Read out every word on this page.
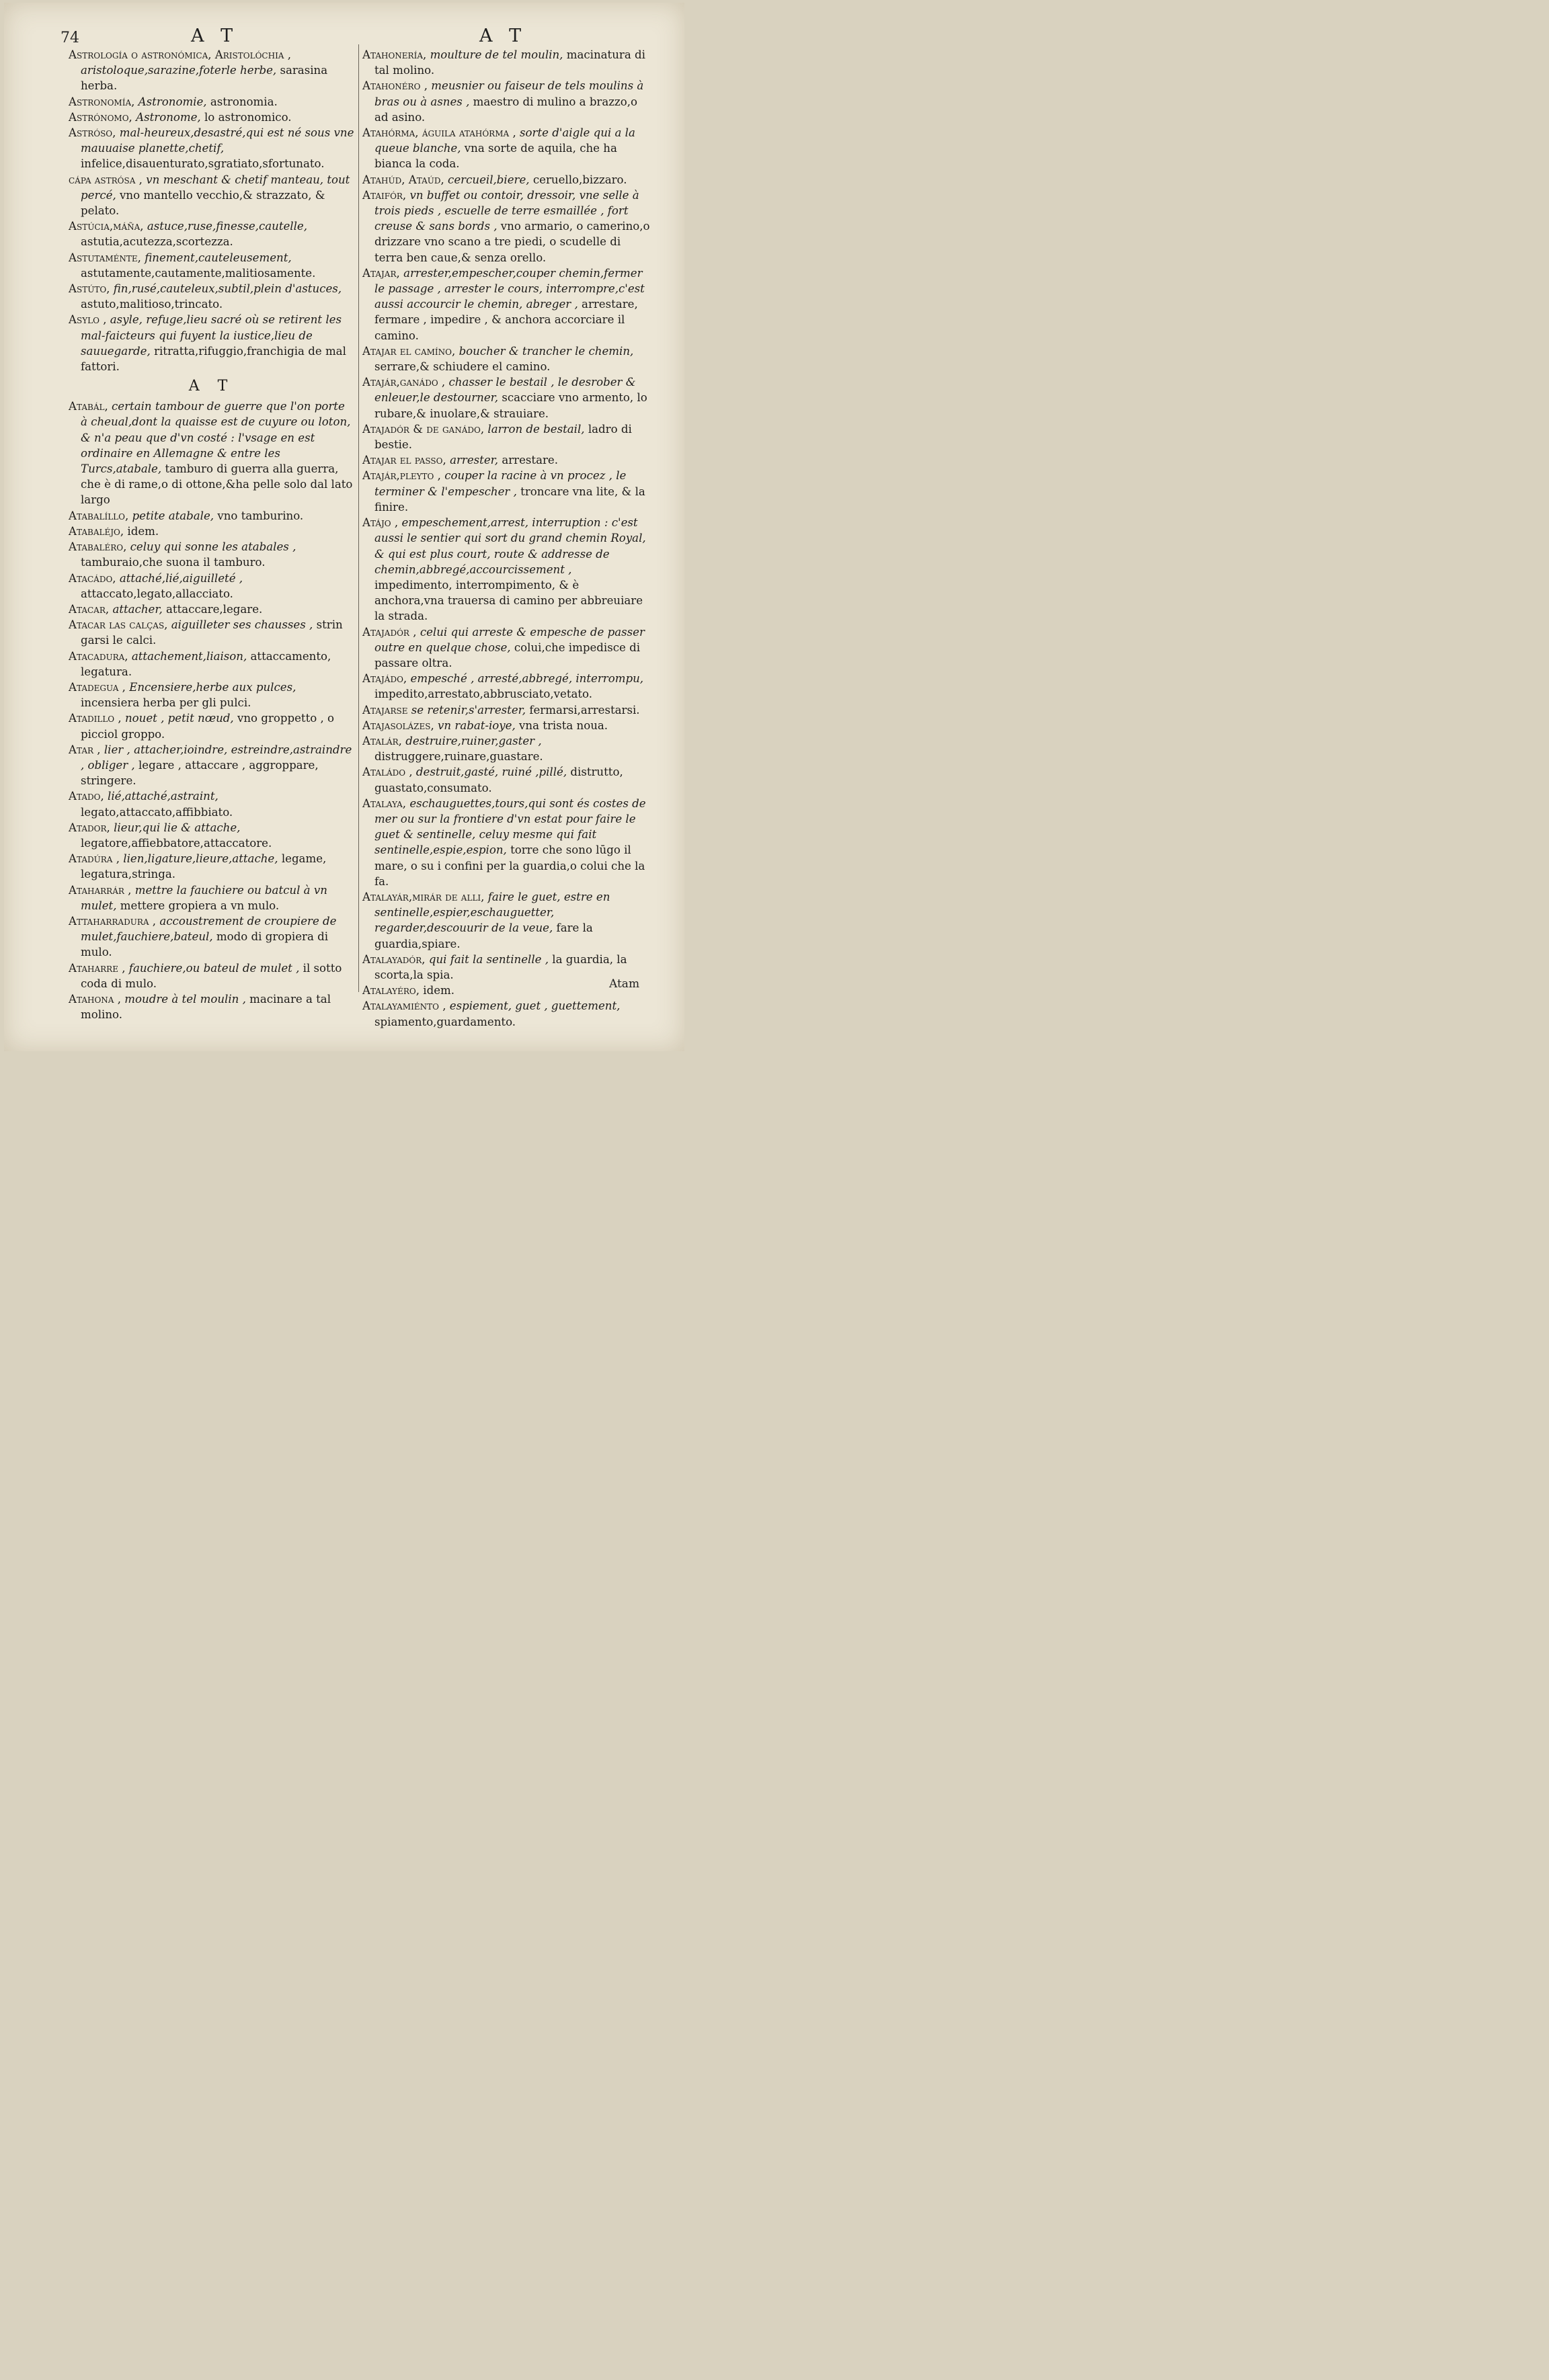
74	A T	A T

Astrología o astronómica, Aristolóchia , aristoloque,sarazine,foterle herbe, sarasina herba.

Astronomía, Astronomie, astronomia.

Astrónomo, Astronome, lo astronomico.

Astróso, mal-heureux,desastré,qui est né sous vne mauuaise planette,chetif, infelice,disauenturato,sgratiato,sfortunato.

cápa astrósa , vn meschant & chetif manteau, tout percé, vno mantello vecchio,& strazzato, & pelato.

Astúcia,máña, astuce,ruse,finesse,cautelle, astutia,acutezza,scortezza.

Astutaménte, finement,cauteleusement, astutamente,cautamente,malitiosamente.

Astúto, fin,rusé,cauteleux,subtil,plein d'astuces, astuto,malitioso,trincato.

Asylo , asyle, refuge,lieu sacré où se retirent les mal-faicteurs qui fuyent la iustice,lieu de sauuegarde, ritratta,rifuggio,franchigia de mal fattori.

A T

Atabál, certain tambour de guerre que l'on porte à cheual,dont la quaisse est de cuyure ou loton, & n'a peau que d'vn costé : l'vsage en est ordinaire en Allemagne & entre les Turcs,atabale, tamburo di guerra alla guerra, che è di rame,o di ottone,&ha pelle solo dal lato largo

Atabalíllo, petite atabale, vno tamburino.

Atabaléjo, idem.

Atabaléro, celuy qui sonne les atabales , tamburaio,che suona il tamburo.

Atacádo, attaché,lié,aiguilleté , attaccato,legato,allacciato.

Atacar, attacher, attaccare,legare.

Atacar las calças, aiguilleter ses chausses , strin garsi le calci.

Atacadura, attachement,liaison, attaccamento, legatura.

Atadegua , Encensiere,herbe aux pulces, incensiera herba per gli pulci.

Atadillo , nouet , petit nœud, vno groppetto , o picciol groppo.

Atar , lier , attacher,ioindre, estreindre,astraindre , obliger , legare , attaccare , aggroppare, stringere.

Atado, lié,attaché,astraint, legato,attaccato,affibbiato.

Atador, lieur,qui lie & attache, legatore,affiebbatore,attaccatore.

Atadúra , lien,ligature,lieure,attache, legame, legatura,stringa.

Ataharrár , mettre la fauchiere ou batcul à vn mulet, mettere gropiera a vn mulo.

Attaharradura , accoustrement de croupiere de mulet,fauchiere,bateul, modo di gropiera di mulo.

Ataharre , fauchiere,ou bateul de mulet , il sotto coda di mulo.

Atahona , moudre à tel moulin , macinare a tal molino.

Atahonería, moulture de tel moulin, macinatura di tal molino.

Atahonéro , meusnier ou faiseur de tels moulins à bras ou à asnes , maestro di mulino a brazzo,o ad asino.

Atahórma, águila atahórma , sorte d'aigle qui a la queue blanche, vna sorte de aquila, che ha bianca la coda.

Atahúd, Ataúd, cercueil,biere, ceruello,bizzaro.

Ataifór, vn buffet ou contoir, dressoir, vne selle à trois pieds , escuelle de terre esmaillée , fort creuse & sans bords , vno armario, o camerino,o drizzare vno scano a tre piedi, o scudelle di terra ben caue,& senza orello.

Atajar, arrester,empescher,couper chemin,fermer le passage , arrester le cours, interrompre,c'est aussi accourcir le chemin, abreger , arrestare, fermare , impedire , & anchora accorciare il camino.

Atajar el camíno, boucher & trancher le chemin, serrare,& schiudere el camino.

Atajár,ganádo , chasser le bestail , le desrober & enleuer,le destourner, scacciare vno armento, lo rubare,& inuolare,& strauiare.

Atajadór & de ganádo, larron de bestail, ladro di bestie.

Atajar el passo, arrester, arrestare.

Atajár,pleyto , couper la racine à vn procez , le terminer & l'empescher , troncare vna lite, & la finire.

Atájo , empeschement,arrest, interruption : c'est aussi le sentier qui sort du grand chemin Royal, & qui est plus court, route & addresse de chemin,abbregé,accourcissement , impedimento, interrompimento, & è anchora,vna trauersa di camino per abbreuiare la strada.

Atajadór , celui qui arreste & empesche de passer outre en quelque chose, colui,che impedisce di passare oltra.

Atajádo, empesché , arresté,abbregé, interrompu, impedito,arrestato,abbrusciato,vetato.

Atajarse se retenir,s'arrester, fermarsi,arrestarsi.

Atajasolázes, vn rabat-ioye, vna trista noua.

Atalár, destruire,ruiner,gaster , distruggere,ruinare,guastare.

Ataládo , destruit,gasté, ruiné ,pillé, distrutto, guastato,consumato.

Atalaya, eschauguettes,tours,qui sont és costes de mer ou sur la frontiere d'vn estat pour faire le guet & sentinelle, celuy mesme qui fait sentinelle,espie,espion, torre che sono lūgo il mare, o su i confini per la guardia,o colui che la fa.

Atalayár,mirár de alli, faire le guet, estre en sentinelle,espier,eschauguetter, regarder,descouurir de la veue, fare la guardia,spiare.

Atalayadór, qui fait la sentinelle , la guardia, la scorta,la spia.

Atalayéro, idem.

Atalayamiénto , espiement, guet , guettement, spiamento,guardamento.

Atam
